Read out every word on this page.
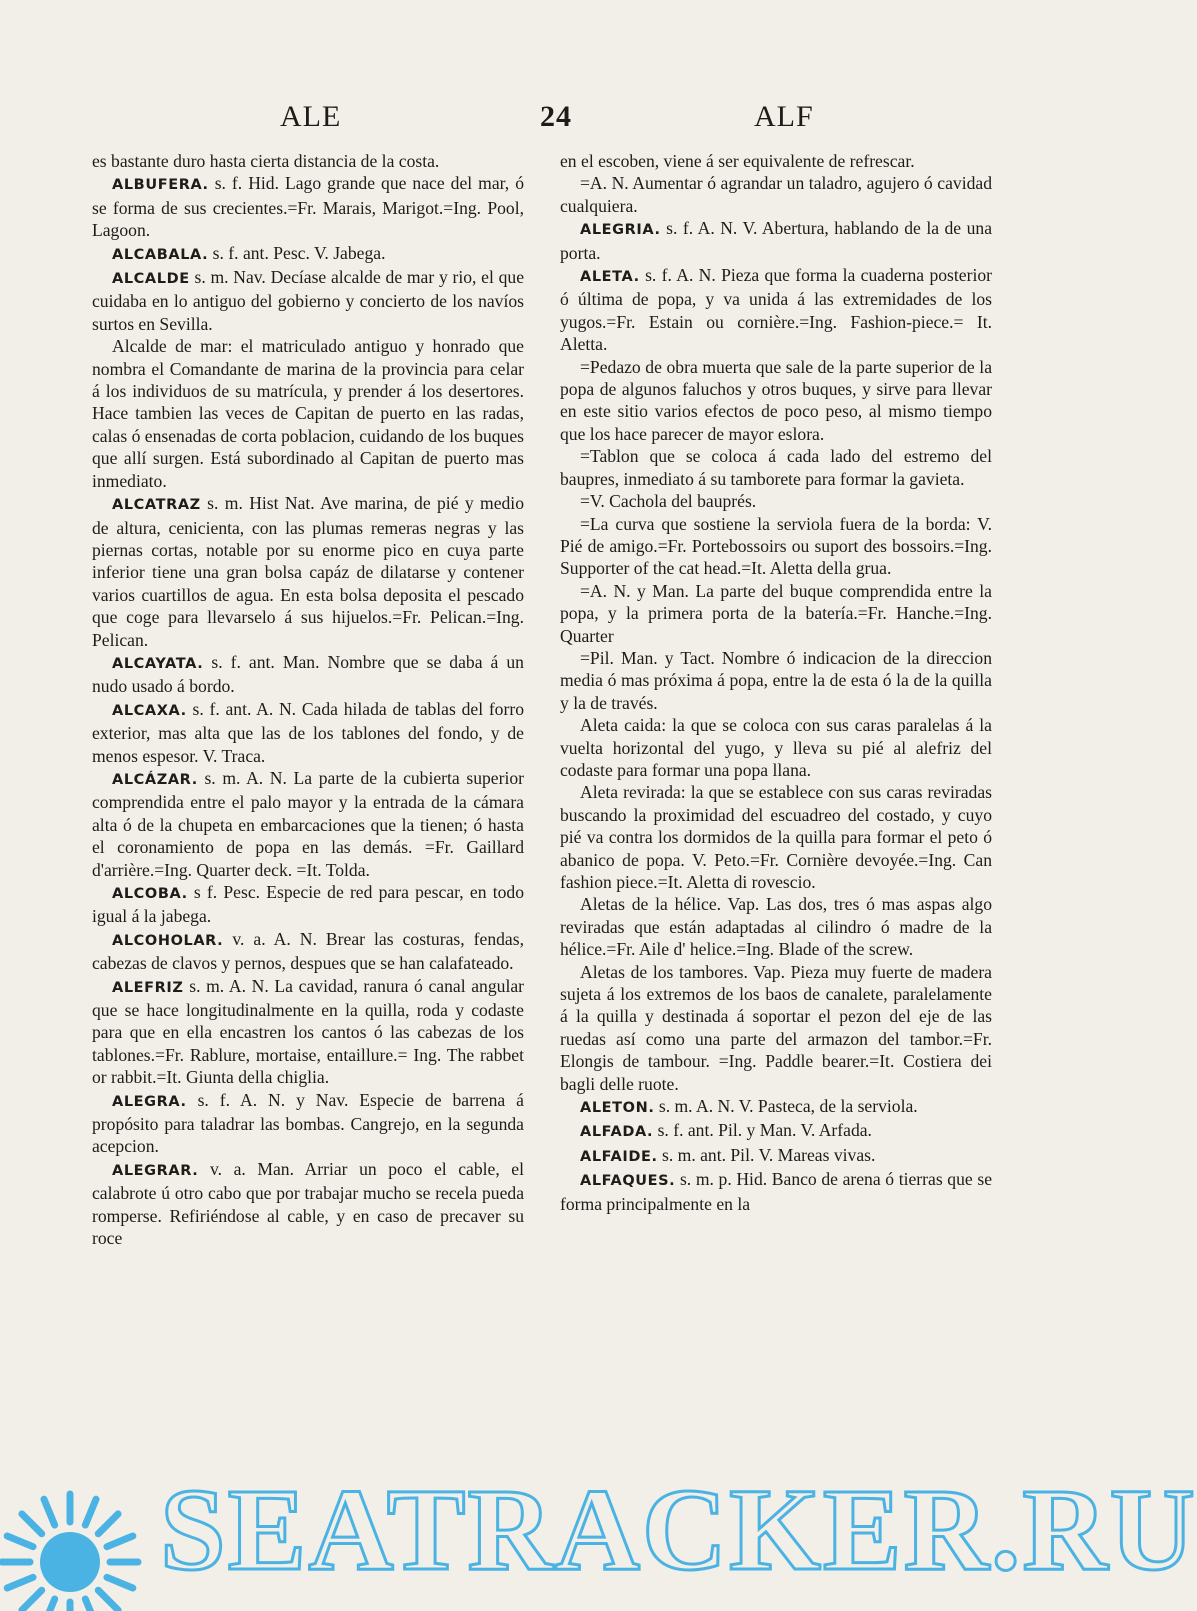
ALE	24	ALF

es bastante duro hasta cierta distancia de la costa.

ALBUFERA. s. f. Hid. Lago grande que nace del mar, ó se forma de sus crecientes.=Fr. Marais, Marigot.=Ing. Pool, Lagoon.

ALCABALA. s. f. ant. Pesc. V. Jabega.

ALCALDE s. m. Nav. Decíase alcalde de mar y rio, el que cuidaba en lo antiguo del gobierno y concierto de los navíos surtos en Sevilla.

Alcalde de mar: el matriculado antiguo y honrado que nombra el Comandante de marina de la provincia para celar á los individuos de su matrícula, y prender á los desertores. Hace tambien las veces de Capitan de puerto en las radas, calas ó ensenadas de corta poblacion, cuidando de los buques que allí surgen. Está subordinado al Capitan de puerto mas inmediato.

ALCATRAZ s. m. Hist Nat. Ave marina, de pié y medio de altura, cenicienta, con las plumas remeras negras y las piernas cortas, notable por su enorme pico en cuya parte inferior tiene una gran bolsa capáz de dilatarse y contener varios cuartillos de agua. En esta bolsa deposita el pescado que coge para llevarselo á sus hijuelos.=Fr. Pelican.=Ing. Pelican.

ALCAYATA. s. f. ant. Man. Nombre que se daba á un nudo usado á bordo.

ALCAXA. s. f. ant. A. N. Cada hilada de tablas del forro exterior, mas alta que las de los tablones del fondo, y de menos espesor. V. Traca.

ALCÁZAR. s. m. A. N. La parte de la cubierta superior comprendida entre el palo mayor y la entrada de la cámara alta ó de la chupeta en embarcaciones que la tienen; ó hasta el coronamiento de popa en las demás. =Fr. Gaillard d'arrière.=Ing. Quarter deck. =It. Tolda.

ALCOBA. s f. Pesc. Especie de red para pescar, en todo igual á la jabega.

ALCOHOLAR. v. a. A. N. Brear las costuras, fendas, cabezas de clavos y pernos, despues que se han calafateado.

ALEFRIZ s. m. A. N. La cavidad, ranura ó canal angular que se hace longitudinalmente en la quilla, roda y codaste para que en ella encastren los cantos ó las cabezas de los tablones.=Fr. Rablure, mortaise, entaillure.= Ing. The rabbet or rabbit.=It. Giunta della chiglia.

ALEGRA. s. f. A. N. y Nav. Especie de barrena á propósito para taladrar las bombas. Cangrejo, en la segunda acepcion.

ALEGRAR. v. a. Man. Arriar un poco el cable, el calabrote ú otro cabo que por trabajar mucho se recela pueda romperse. Refiriéndose al cable, y en caso de precaver su roce

en el escoben, viene á ser equivalente de refrescar.

=A. N. Aumentar ó agrandar un taladro, agujero ó cavidad cualquiera.

ALEGRIA. s. f. A. N. V. Abertura, hablando de la de una porta.

ALETA. s. f. A. N. Pieza que forma la cuaderna posterior ó última de popa, y va unida á las extremidades de los yugos.=Fr. Estain ou cornière.=Ing. Fashion-piece.= It. Aletta.

=Pedazo de obra muerta que sale de la parte superior de la popa de algunos faluchos y otros buques, y sirve para llevar en este sitio varios efectos de poco peso, al mismo tiempo que los hace parecer de mayor eslora.

=Tablon que se coloca á cada lado del estremo del baupres, inmediato á su tamborete para formar la gavieta.

=V. Cachola del bauprés.

=La curva que sostiene la serviola fuera de la borda: V. Pié de amigo.=Fr. Portebossoirs ou suport des bossoirs.=Ing. Supporter of the cat head.=It. Aletta della grua.

=A. N. y Man. La parte del buque comprendida entre la popa, y la primera porta de la batería.=Fr. Hanche.=Ing. Quarter

=Pil. Man. y Tact. Nombre ó indicacion de la direccion media ó mas próxima á popa, entre la de esta ó la de la quilla y la de través.

Aleta caida: la que se coloca con sus caras paralelas á la vuelta horizontal del yugo, y lleva su pié al alefriz del codaste para formar una popa llana.

Aleta revirada: la que se establece con sus caras reviradas buscando la proximidad del escuadreo del costado, y cuyo pié va contra los dormidos de la quilla para formar el peto ó abanico de popa. V. Peto.=Fr. Cornière devoyée.=Ing. Can fashion piece.=It. Aletta di rovescio.

Aletas de la hélice. Vap. Las dos, tres ó mas aspas algo reviradas que están adaptadas al cilindro ó madre de la hélice.=Fr. Aile d' helice.=Ing. Blade of the screw.

Aletas de los tambores. Vap. Pieza muy fuerte de madera sujeta á los extremos de los baos de canalete, paralelamente á la quilla y destinada á soportar el pezon del eje de las ruedas así como una parte del armazon del tambor.=Fr. Elongis de tambour. =Ing. Paddle bearer.=It. Costiera dei bagli delle ruote.

ALETON. s. m. A. N. V. Pasteca, de la serviola.

ALFADA. s. f. ant. Pil. y Man. V. Arfada.

ALFAIDE. s. m. ant. Pil. V. Mareas vivas.

ALFAQUES. s. m. p. Hid. Banco de arena ó tierras que se forma principalmente en la

SEATRACKER.RU
